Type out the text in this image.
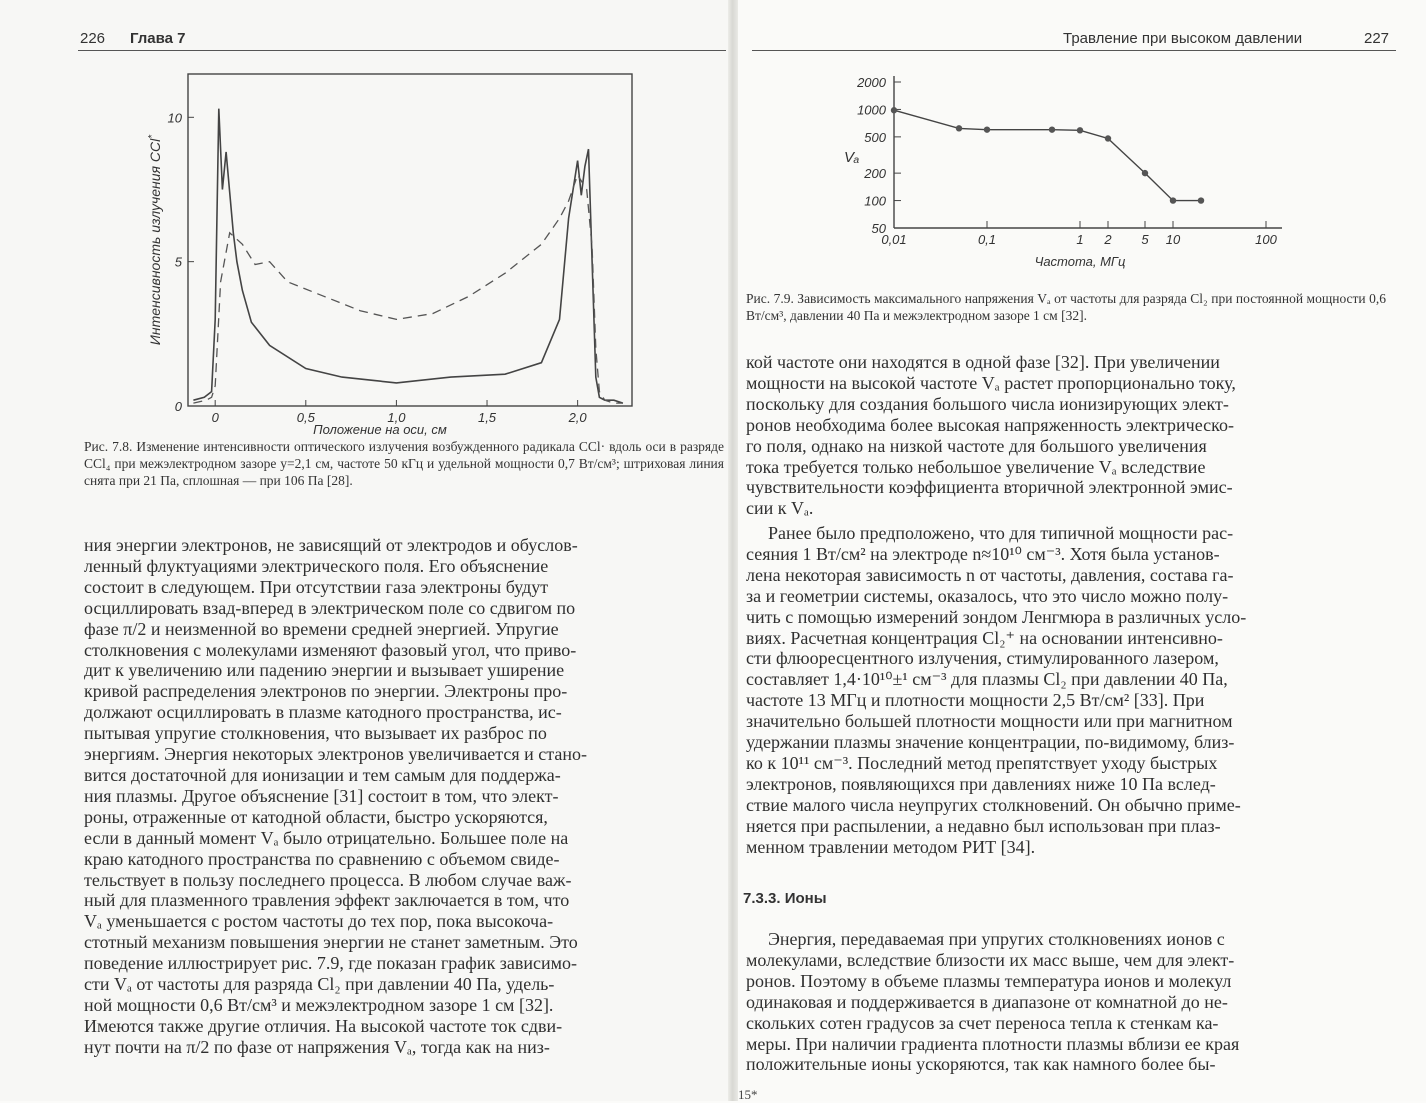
226 Глава 7
0
5
10
0	0,5	1,0	1,5	2,0
Интенсивность излучения CCl*
Положение на оси, см
Рис. 7.8. Изменение интенсивности оптического излучения возбужденного радикала CCl· вдоль оси в разряде CCl₄ при межэлектродном зазоре y=2,1 см, частоте 50 кГц и удельной мощности 0,7 Вт/см³; штриховая линия снята при 21 Па, сплошная — при 106 Па [28].
ния энергии электронов, не зависящий от электродов и обуслов-
ленный флуктуациями электрического поля. Его объяснение
состоит в следующем. При отсутствии газа электроны будут
осциллировать взад-вперед в электрическом поле со сдвигом по
фазе π/2 и неизменной во времени средней энергией. Упругие
столкновения с молекулами изменяют фазовый угол, что приво-
дит к увеличению или падению энергии и вызывает уширение
кривой распределения электронов по энергии. Электроны про-
должают осциллировать в плазме катодного пространства, ис-
пытывая упругие столкновения, что вызывает их разброс по
энергиям. Энергия некоторых электронов увеличивается и стано-
вится достаточной для ионизации и тем самым для поддержа-
ния плазмы. Другое объяснение [31] состоит в том, что элект-
роны, отраженные от катодной области, быстро ускоряются,
если в данный момент Vₐ было отрицательно. Большее поле на
краю катодного пространства по сравнению с объемом свиде-
тельствует в пользу последнего процесса. В любом случае важ-
ный для плазменного травления эффект заключается в том, что
Vₐ уменьшается с ростом частоты до тех пор, пока высокоча-
стотный механизм повышения энергии не станет заметным. Это
поведение иллюстрирует рис. 7.9, где показан график зависимо-
сти Vₐ от частоты для разряда Cl₂ при давлении 40 Па, удель-
ной мощности 0,6 Вт/см³ и межэлектродном зазоре 1 см [32].
Имеются также другие отличия. На высокой частоте ток сдви-
нут почти на π/2 по фазе от напряжения Vₐ, тогда как на низ-
Травление при высоком давлении	227
50
100
200
500
1000
2000
0,01	0,1	1 2 5 10	100
Vₐ
Частота, МГц
Рис. 7.9. Зависимость максимального напряжения Vₐ от частоты для разряда Cl₂ при постоянной мощности 0,6 Вт/см³, давлении 40 Па и межэлектродном зазоре 1 см [32].
кой частоте они находятся в одной фазе [32]. При увеличении
мощности на высокой частоте Vₐ растет пропорционально току,
поскольку для создания большого числа ионизирующих элект-
ронов необходима более высокая напряженность электрическо-
го поля, однако на низкой частоте для большого увеличения
тока требуется только небольшое увеличение Vₐ вследствие
чувствительности коэффициента вторичной электронной эмис-
сии к Vₐ.
Ранее было предположено, что для типичной мощности рас-
сеяния 1 Вт/см² на электроде n≈10¹⁰ см⁻³. Хотя была установ-
лена некоторая зависимость n от частоты, давления, состава га-
за и геометрии системы, оказалось, что это число можно полу-
чить с помощью измерений зондом Ленгмюра в различных усло-
виях. Расчетная концентрация Cl₂⁺ на основании интенсивно-
сти флюоресцентного излучения, стимулированного лазером,
составляет 1,4·10¹⁰±¹ см⁻³ для плазмы Cl₂ при давлении 40 Па,
частоте 13 МГц и плотности мощности 2,5 Вт/см² [33]. При
значительно большей плотности мощности или при магнитном
удержании плазмы значение концентрации, по-видимому, близ-
ко к 10¹¹ см⁻³. Последний метод препятствует уходу быстрых
электронов, появляющихся при давлениях ниже 10 Па вслед-
ствие малого числа неупругих столкновений. Он обычно приме-
няется при распылении, а недавно был использован при плаз-
менном травлении методом РИТ [34].
7.3.3. Ионы
Энергия, передаваемая при упругих столкновениях ионов с
молекулами, вследствие близости их масс выше, чем для элект-
ронов. Поэтому в объеме плазмы температура ионов и молекул
одинаковая и поддерживается в диапазоне от комнатной до не-
скольких сотен градусов за счет переноса тепла к стенкам ка-
меры. При наличии градиента плотности плазмы вблизи ее края
положительные ионы ускоряются, так как намного более бы-
15*
